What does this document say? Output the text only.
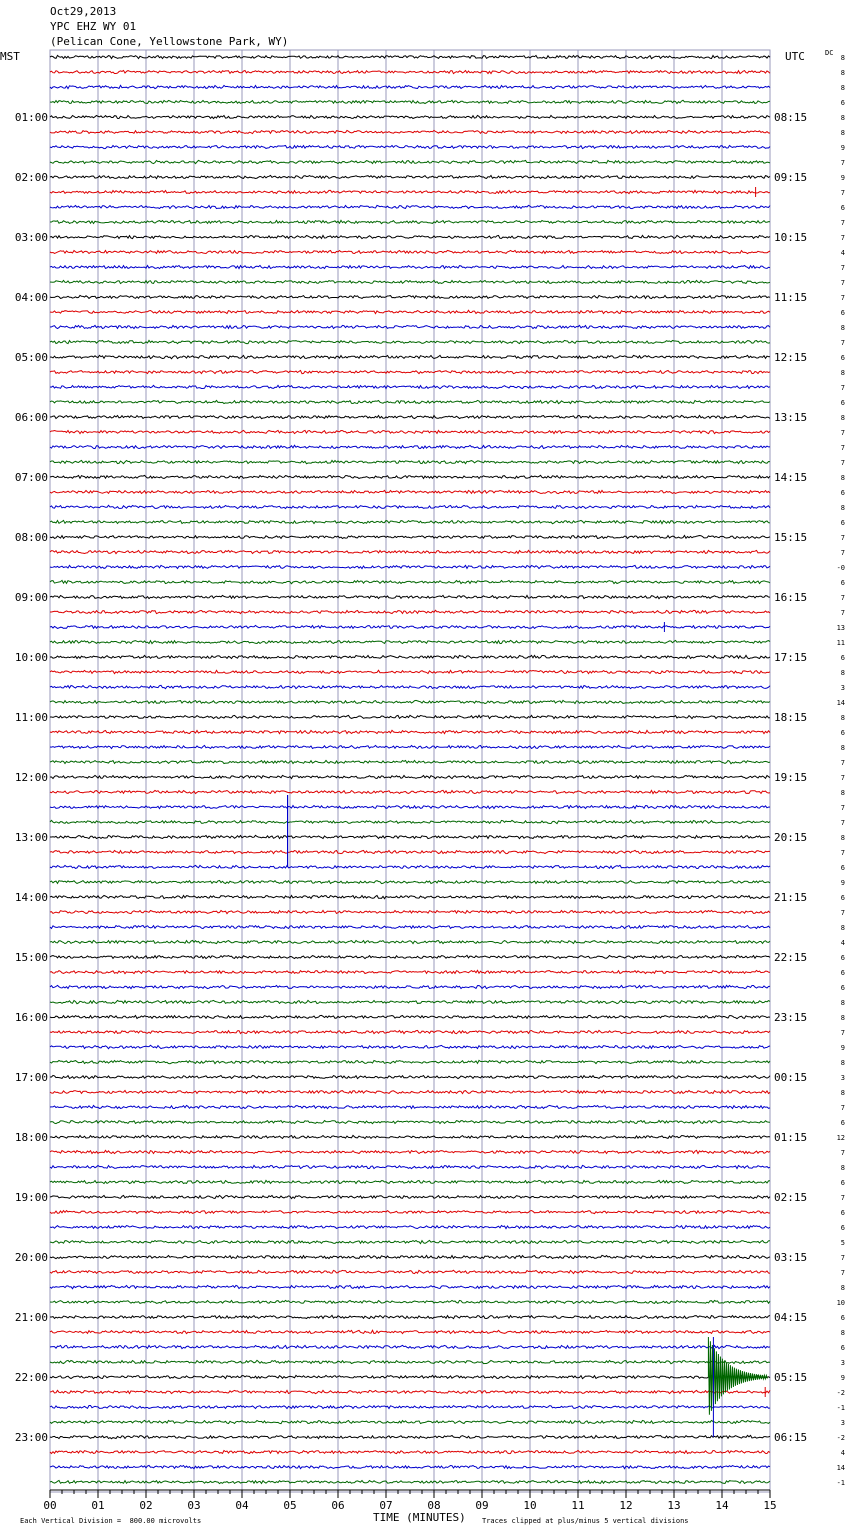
Oct29,2013
YPC EHZ WY 01
(Pelican Cone, Yellowstone Park, WY)
MST	UTC	DC
00	01	02	03	04	05	06	07	08	09	10	11	12	13	14	15
01:00
02:00
03:00
04:00
05:00
06:00
07:00
08:00
09:00
10:00
11:00
12:00
13:00
14:00
15:00
16:00
17:00
18:00
19:00
20:00
21:00
22:00
23:00
08:15
09:15
10:15
11:15
12:15
13:15
14:15
15:15
16:15
17:15
18:15
19:15
20:15
21:15
22:15
23:15
00:15
01:15
02:15
03:15
04:15
05:15
06:15
8
8
8
6
8
8
9
7
9
7
6
7
7
4
7
7
7
6
8
7
6
8
7
6
8
7
7
7
8
6
8
6
7
7
-0
6
7
7
13
11
6
8
3
14
8
6
8
7
7
8
7
7
8
7
6
9
6
7
8
4
6
6
6
8
8
7
9
8
3
8
7
6
12
7
8
6
7
6
6
5
7
7
8
10
6
8
6
3
9
-2
-1
3
-2
4
14
-1
TIME (MINUTES)
Each Vertical Division =  800.00 microvolts	Traces clipped at plus/minus 5 vertical divisions
